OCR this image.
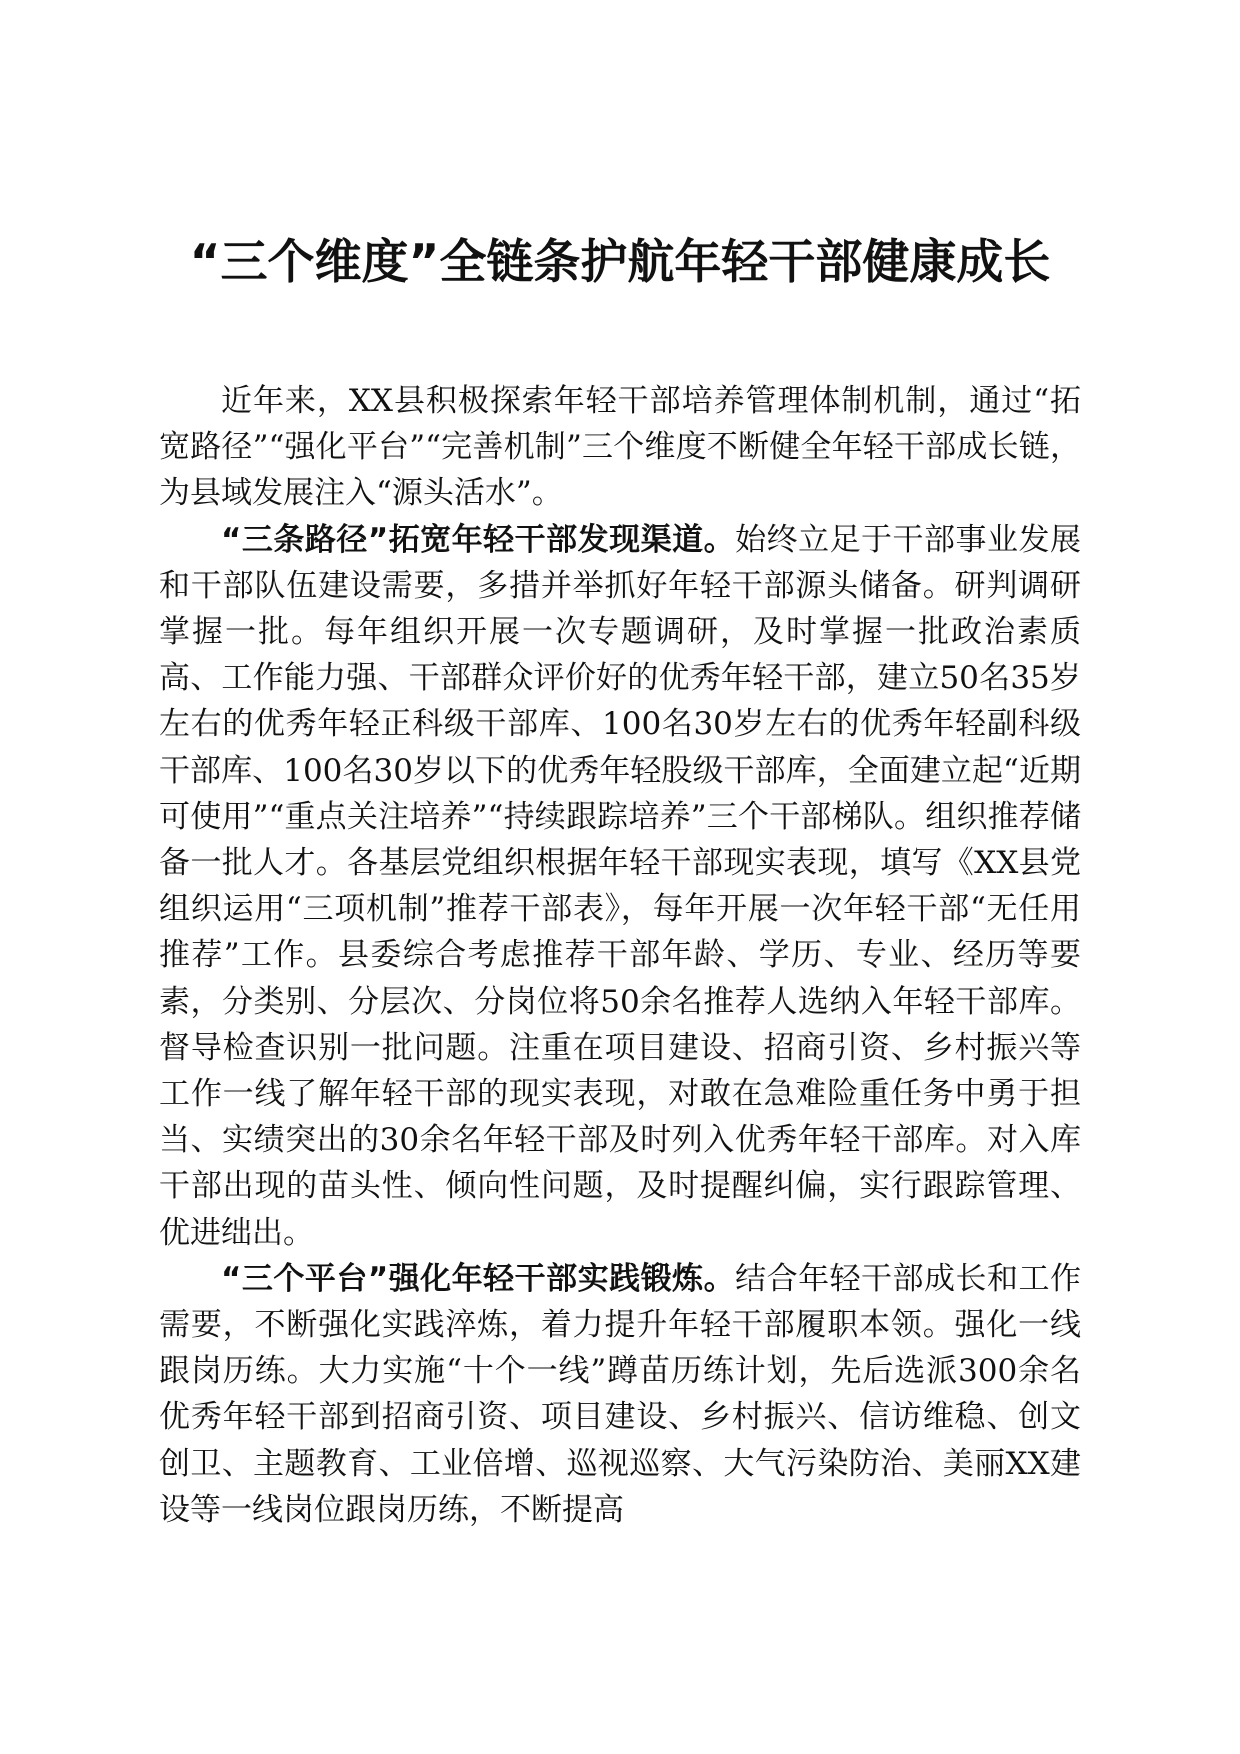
“三个维度”全链条护航年轻干部健康成长

近年来，XX县积极探索年轻干部培养管理体制机制，通过“拓宽路径”“强化平台”“完善机制”三个维度不断健全年轻干部成长链，为县域发展注入“源头活水”。

“三条路径”拓宽年轻干部发现渠道。始终立足于干部事业发展和干部队伍建设需要，多措并举抓好年轻干部源头储备。研判调研掌握一批。每年组织开展一次专题调研，及时掌握一批政治素质高、工作能力强、干部群众评价好的优秀年轻干部，建立50名35岁左右的优秀年轻正科级干部库、100名30岁左右的优秀年轻副科级干部库、100名30岁以下的优秀年轻股级干部库，全面建立起“近期可使用”“重点关注培养”“持续跟踪培养”三个干部梯队。组织推荐储备一批人才。各基层党组织根据年轻干部现实表现，填写《XX县党组织运用“三项机制”推荐干部表》，每年开展一次年轻干部“无任用推荐”工作。县委综合考虑推荐干部年龄、学历、专业、经历等要素，分类别、分层次、分岗位将50余名推荐人选纳入年轻干部库。督导检查识别一批问题。注重在项目建设、招商引资、乡村振兴等工作一线了解年轻干部的现实表现，对敢在急难险重任务中勇于担当、实绩突出的30余名年轻干部及时列入优秀年轻干部库。对入库干部出现的苗头性、倾向性问题，及时提醒纠偏，实行跟踪管理、优进绌出。

“三个平台”强化年轻干部实践锻炼。结合年轻干部成长和工作需要，不断强化实践淬炼，着力提升年轻干部履职本领。强化一线跟岗历练。大力实施“十个一线”蹲苗历练计划，先后选派300余名优秀年轻干部到招商引资、项目建设、乡村振兴、信访维稳、创文创卫、主题教育、工业倍增、巡视巡察、大气污染防治、美丽XX建设等一线岗位跟岗历练，不断提高
